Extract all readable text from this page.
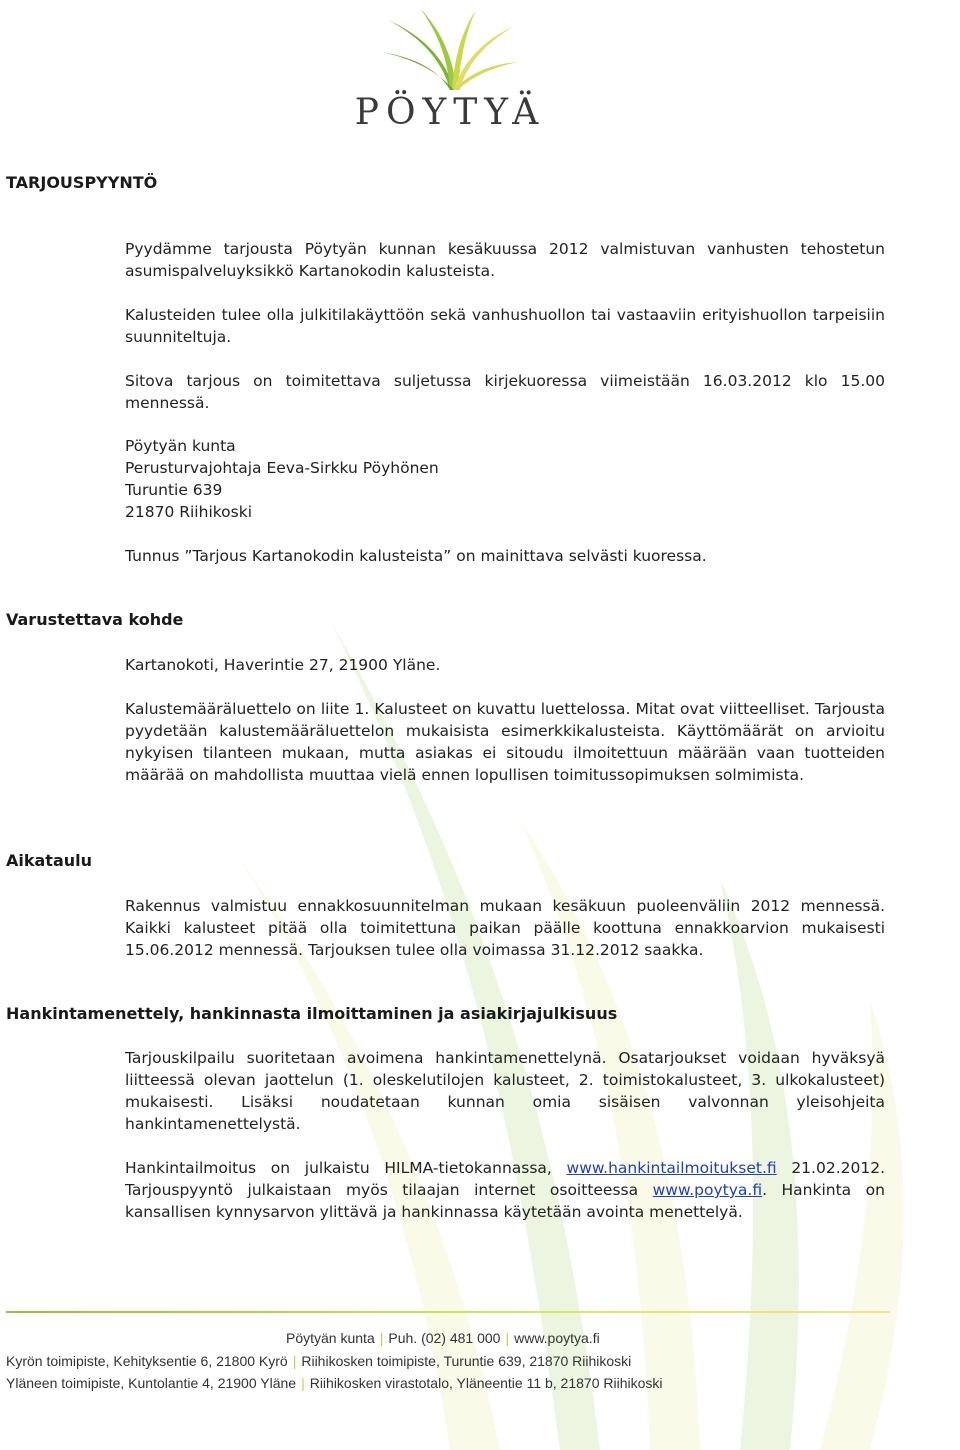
PÖYTYÄ
TARJOUSPYYNTÖ
Pyydämme tarjousta Pöytyän kunnan kesäkuussa 2012 valmistuvan vanhusten tehostetun asumispalveluyksikkö Kartanokodin kalusteista.
Kalusteiden tulee olla julkitilakäyttöön sekä vanhushuollon tai vastaaviin erityishuollon tarpeisiin suunniteltuja.
Sitova tarjous on toimitettava suljetussa kirjekuoressa viimeistään 16.03.2012 klo 15.00 mennessä.
Pöytyän kunta
Perusturvajohtaja Eeva-Sirkku Pöyhönen
Turuntie 639
21870 Riihikoski
Tunnus ”Tarjous Kartanokodin kalusteista” on mainittava selvästi kuoressa.
Varustettava kohde
Kartanokoti, Haverintie 27, 21900 Yläne.
Kalustemääräluettelo on liite 1. Kalusteet on kuvattu luettelossa. Mitat ovat viitteelliset. Tarjousta pyydetään kalustemääräluettelon mukaisista esimerkkikalusteista. Käyttömäärät on arvioitu nykyisen tilanteen mukaan, mutta asiakas ei sitoudu ilmoitettuun määrään vaan tuotteiden määrää on mahdollista muuttaa vielä ennen lopullisen toimitussopimuksen solmimista.
Aikataulu
Rakennus valmistuu ennakkosuunnitelman mukaan kesäkuun puoleenväliin 2012 mennessä. Kaikki kalusteet pitää olla toimitettuna paikan päälle koottuna ennakkoarvion mukaisesti 15.06.2012 mennessä. Tarjouksen tulee olla voimassa 31.12.2012 saakka.
Hankintamenettely, hankinnasta ilmoittaminen ja asiakirjajulkisuus
Tarjouskilpailu suoritetaan avoimena hankintamenettelynä. Osatarjoukset voidaan hyväksyä liitteessä olevan jaottelun (1. oleskelutilojen kalusteet, 2. toimistokalusteet, 3. ulkokalusteet) mukaisesti. Lisäksi noudatetaan kunnan omia sisäisen valvonnan yleisohjeita hankintamenettelystä.
Hankintailmoitus on julkaistu HILMA-tietokannassa, www.hankintailmoitukset.fi 21.02.2012. Tarjouspyyntö julkaistaan myös tilaajan internet osoitteessa www.poytya.fi. Hankinta on kansallisen kynnysarvon ylittävä ja hankinnassa käytetään avointa menettelyä.
Pöytyän kunta | Puh. (02) 481 000 | www.poytya.fi
Kyrön toimipiste, Kehityksentie 6, 21800 Kyrö | Riihikosken toimipiste, Turuntie 639, 21870 Riihikoski
Yläneen toimipiste, Kuntolantie 4, 21900 Yläne | Riihikosken virastotalo, Yläneentie 11 b, 21870 Riihikoski
